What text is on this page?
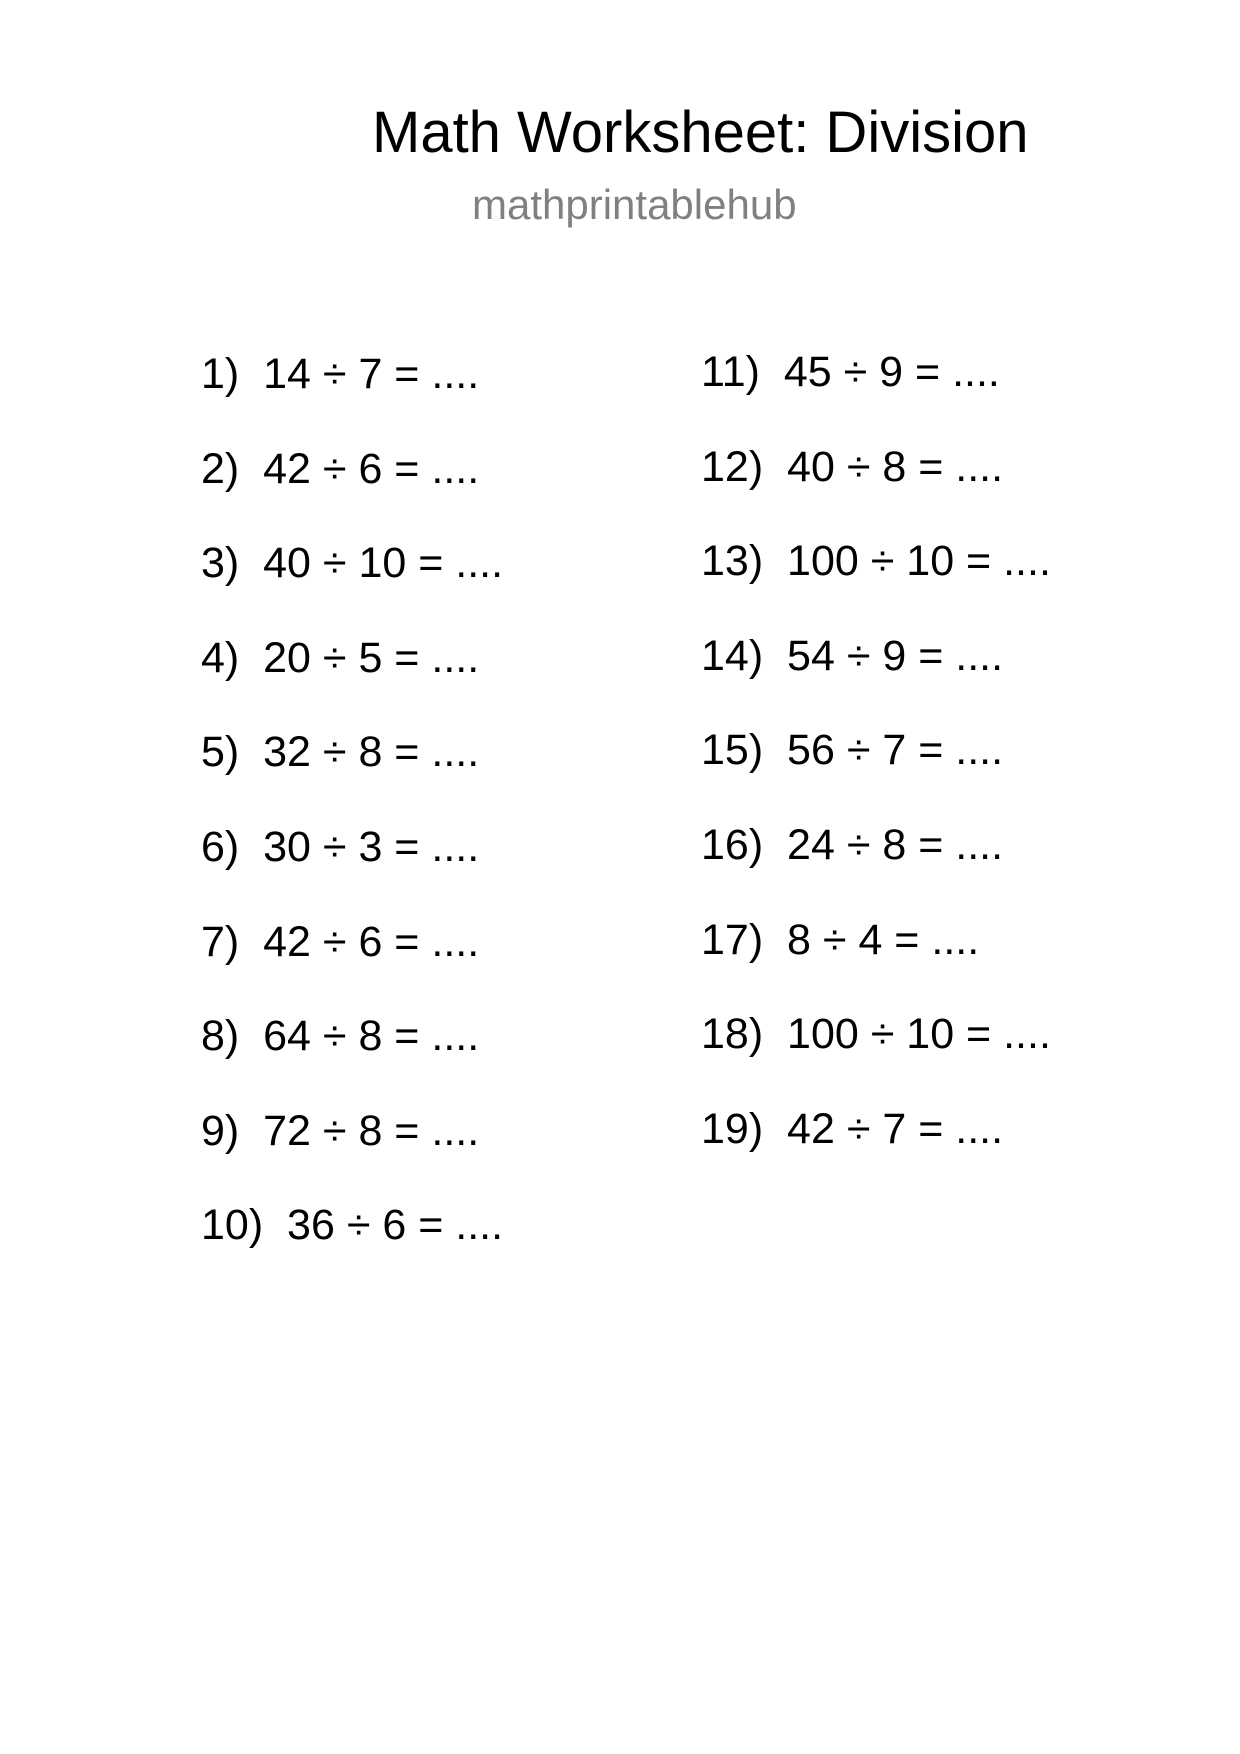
Math Worksheet: Division
mathprintablehub
1)  14 ÷ 7 = ....
2)  42 ÷ 6 = ....
3)  40 ÷ 10 = ....
4)  20 ÷ 5 = ....
5)  32 ÷ 8 = ....
6)  30 ÷ 3 = ....
7)  42 ÷ 6 = ....
8)  64 ÷ 8 = ....
9)  72 ÷ 8 = ....
10)  36 ÷ 6 = ....
11)  45 ÷ 9 = ....
12)  40 ÷ 8 = ....
13)  100 ÷ 10 = ....
14)  54 ÷ 9 = ....
15)  56 ÷ 7 = ....
16)  24 ÷ 8 = ....
17)  8 ÷ 4 = ....
18)  100 ÷ 10 = ....
19)  42 ÷ 7 = ....
